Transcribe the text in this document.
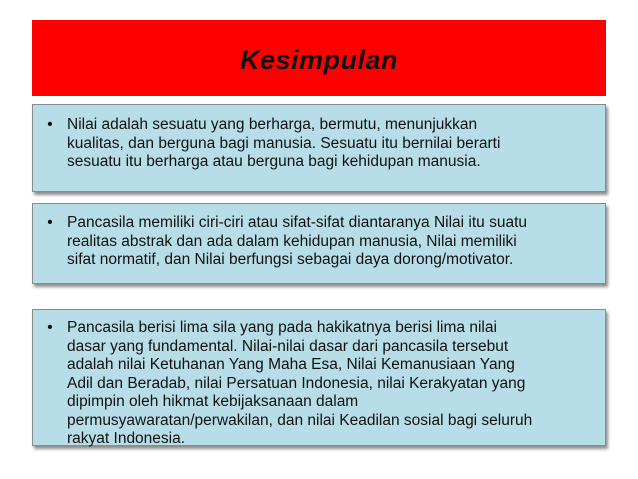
Kesimpulan
• Nilai adalah sesuatu yang berharga, bermutu, menunjukkan
kualitas, dan berguna bagi manusia. Sesuatu itu bernilai berarti
sesuatu itu berharga atau berguna bagi kehidupan manusia.
• Pancasila memiliki ciri-ciri atau sifat-sifat diantaranya Nilai itu suatu
realitas abstrak dan ada dalam kehidupan manusia, Nilai memiliki
sifat normatif, dan Nilai berfungsi sebagai daya dorong/motivator.
• Pancasila berisi lima sila yang pada hakikatnya berisi lima nilai
dasar yang fundamental. Nilai-nilai dasar dari pancasila tersebut
adalah nilai Ketuhanan Yang Maha Esa, Nilai Kemanusiaan Yang
Adil dan Beradab, nilai Persatuan Indonesia, nilai Kerakyatan yang
dipimpin oleh hikmat kebijaksanaan dalam
permusyawaratan/perwakilan, dan nilai Keadilan sosial bagi seluruh
rakyat Indonesia.
